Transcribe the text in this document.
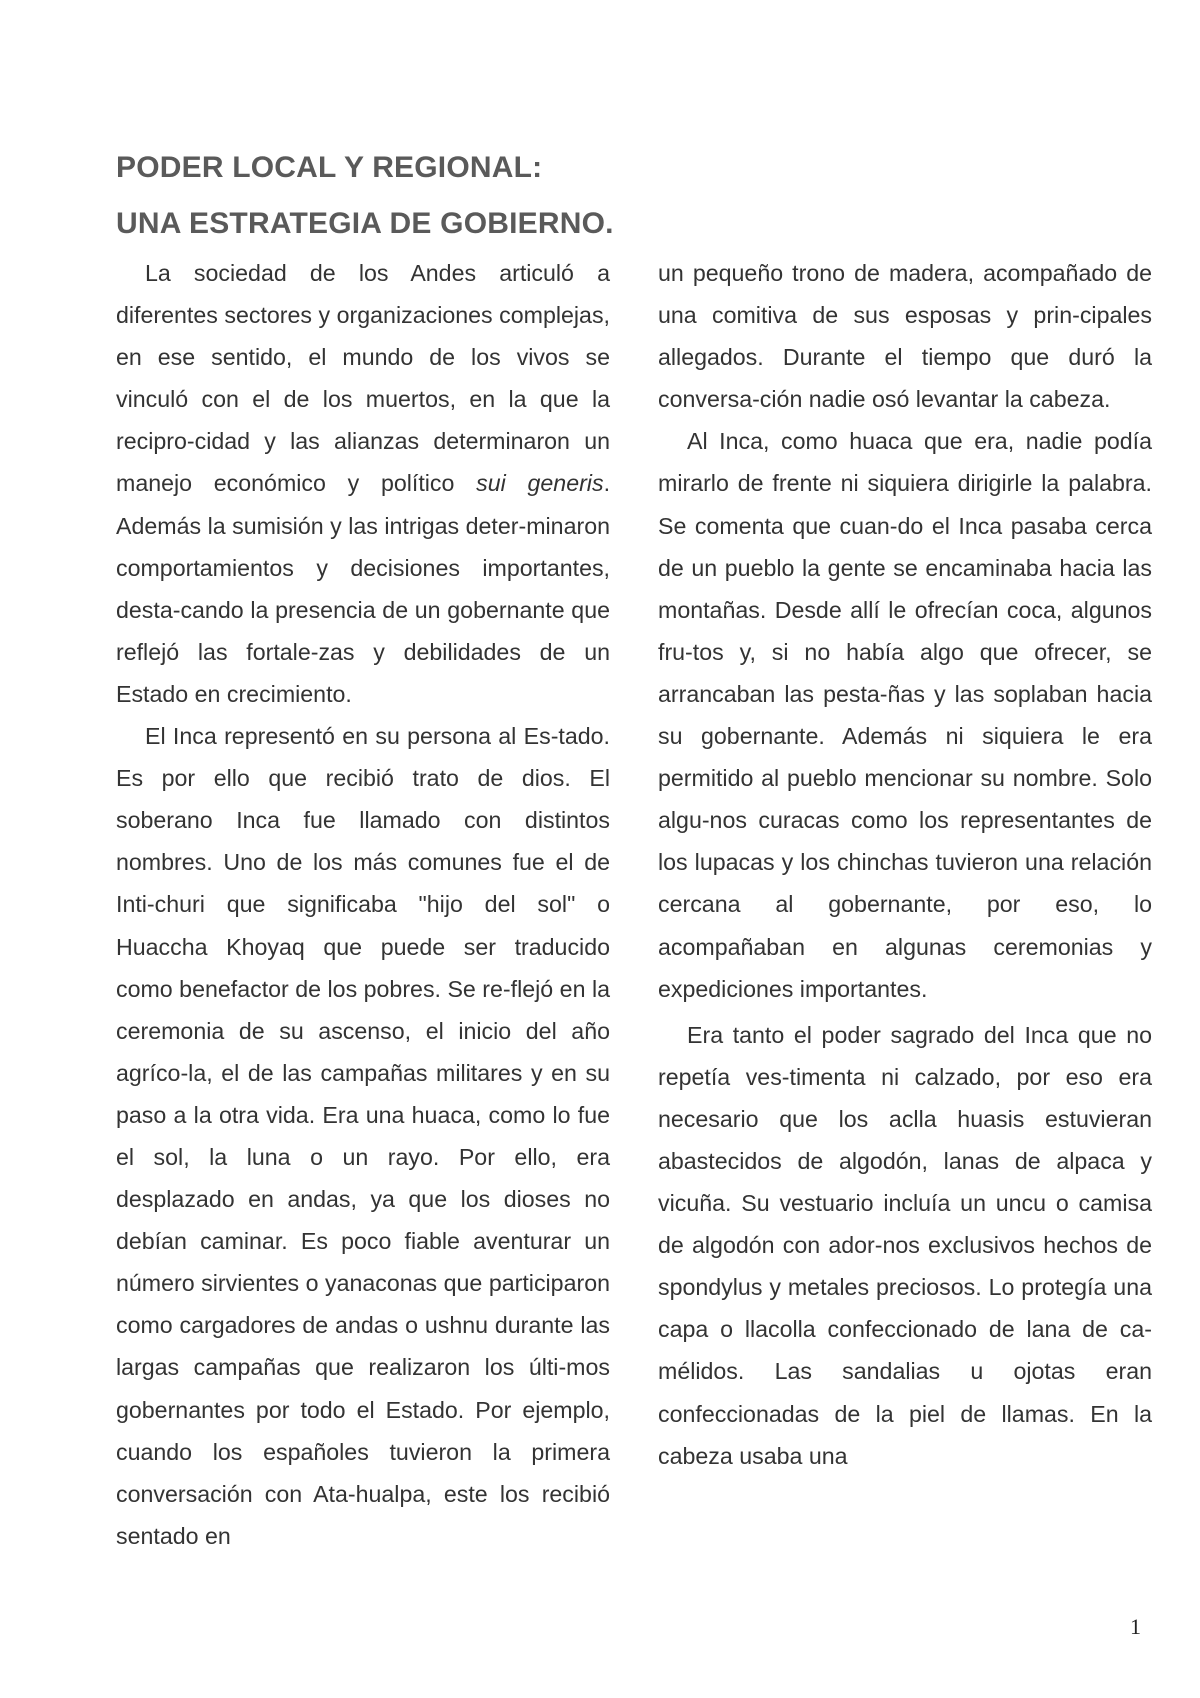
PODER LOCAL Y REGIONAL:
UNA ESTRATEGIA DE GOBIERNO.

La sociedad de los Andes articuló a diferentes sectores y organizaciones complejas, en ese sentido, el mundo de los vivos se vinculó con el de los muertos, en la que la recipro-cidad y las alianzas determinaron un manejo económico y político sui generis. Además la sumisión y las intrigas deter-minaron comportamientos y decisiones importantes, desta-cando la presencia de un gobernante que reflejó las fortale-zas y debilidades de un Estado en crecimiento.

El Inca representó en su persona al Es-tado. Es por ello que recibió trato de dios. El soberano Inca fue llamado con distintos nombres. Uno de los más comunes fue el de Inti-churi que significaba "hijo del sol" o Huaccha Khoyaq que puede ser traducido como benefactor de los pobres. Se re-flejó en la ceremonia de su ascenso, el inicio del año agríco-la, el de las campañas militares y en su paso a la otra vida. Era una huaca, como lo fue el sol, la luna o un rayo. Por ello, era desplazado en andas, ya que los dioses no debían caminar. Es poco fiable aventurar un número sirvientes o yanaconas que participaron como cargadores de andas o ushnu durante las largas campañas que realizaron los últi-mos gobernantes por todo el Estado. Por ejemplo, cuando los españoles tuvieron la primera conversación con Ata-hualpa, este los recibió sentado en

un pequeño trono de madera, acompañado de una comitiva de sus esposas y prin-cipales allegados. Durante el tiempo que duró la conversa-ción nadie osó levantar la cabeza.

Al Inca, como huaca que era, nadie podía mirarlo de frente ni siquiera dirigirle la palabra. Se comenta que cuan-do el Inca pasaba cerca de un pueblo la gente se encaminaba hacia las montañas. Desde allí le ofrecían coca, algunos fru-tos y, si no había algo que ofrecer, se arrancaban las pesta-ñas y las soplaban hacia su gobernante. Además ni siquiera le era permitido al pueblo mencionar su nombre. Solo algu-nos curacas como los representantes de los lupacas y los chinchas tuvieron una relación cercana al gobernante, por eso, lo acompañaban en algunas ceremonias y expediciones importantes.

Era tanto el poder sagrado del Inca que no repetía ves-timenta ni calzado, por eso era necesario que los aclla huasis estuvieran abastecidos de algodón, lanas de alpaca y vicuña. Su vestuario incluía un uncu o camisa de algodón con ador-nos exclusivos hechos de spondylus y metales preciosos. Lo protegía una capa o llacolla confeccionado de lana de ca-mélidos. Las sandalias u ojotas eran confeccionadas de la piel de llamas. En la cabeza usaba una

1
